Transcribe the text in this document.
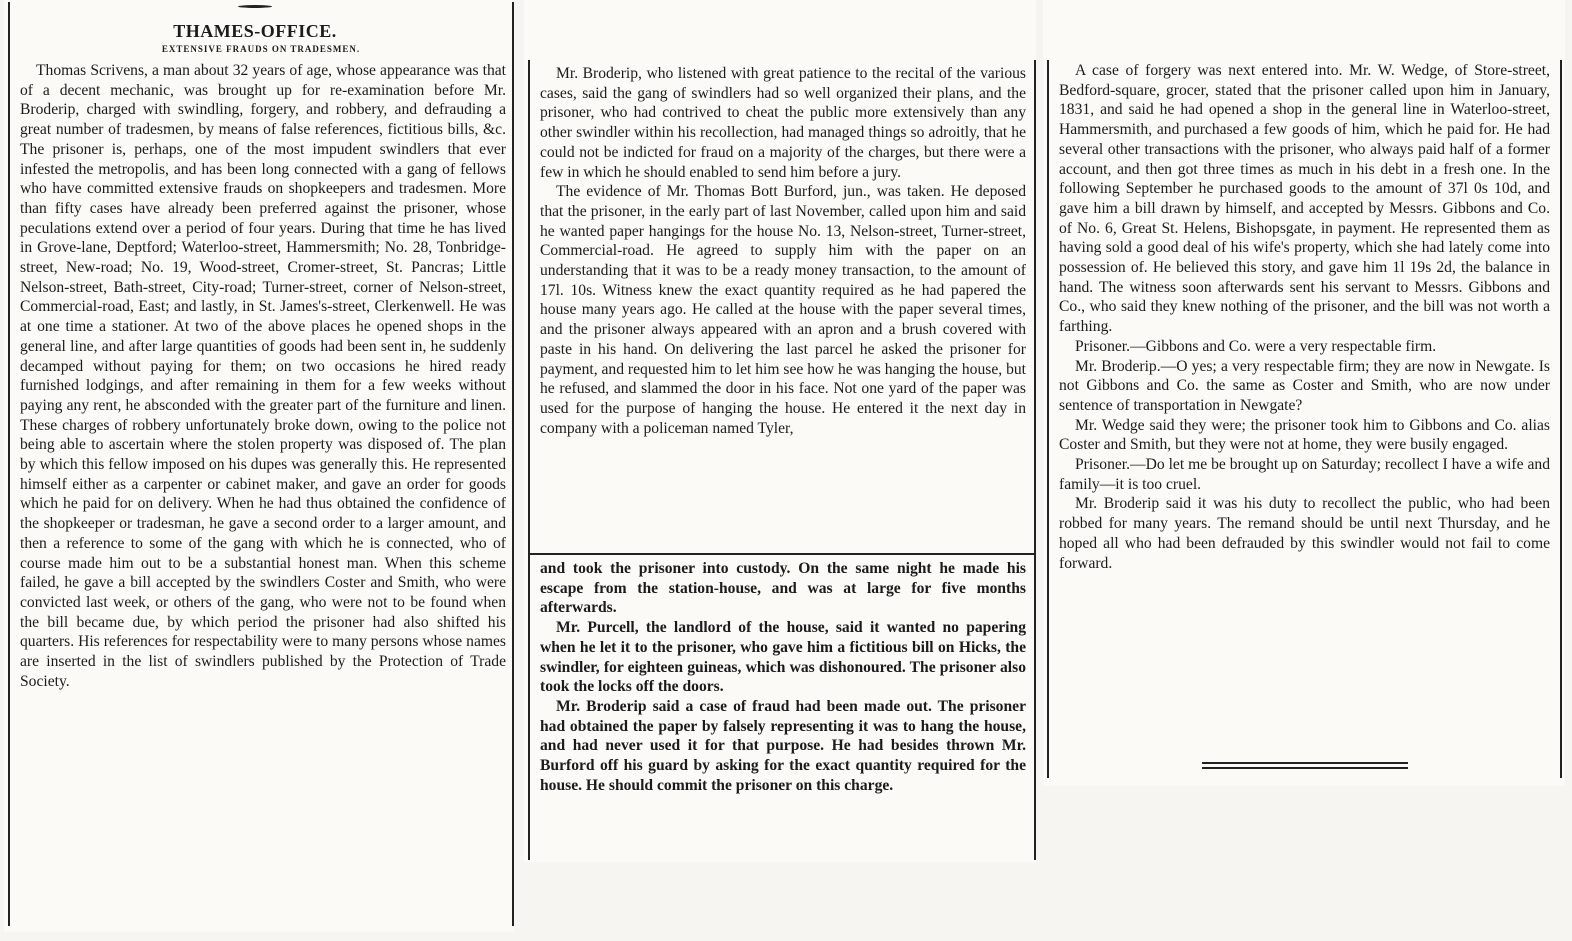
THAMES-OFFICE.
EXTENSIVE FRAUDS ON TRADESMEN.

Thomas Scrivens, a man about 32 years of age, whose appearance was that of a decent mechanic, was brought up for re-examination before Mr. Broderip, charged with swindling, forgery, and robbery, and defrauding a great number of tradesmen, by means of false references, fictitious bills, &c. The prisoner is, perhaps, one of the most impudent swindlers that ever infested the metropolis, and has been long connected with a gang of fellows who have committed extensive frauds on shopkeepers and tradesmen. More than fifty cases have already been preferred against the prisoner, whose peculations extend over a period of four years. During that time he has lived in Grove-lane, Deptford; Waterloo-street, Hammersmith; No. 28, Tonbridge-street, New-road; No. 19, Wood-street, Cromer-street, St. Pancras; Little Nelson-street, Bath-street, City-road; Turner-street, corner of Nelson-street, Commercial-road, East; and lastly, in St. James's-street, Clerkenwell. He was at one time a stationer. At two of the above places he opened shops in the general line, and after large quantities of goods had been sent in, he suddenly decamped without paying for them; on two occasions he hired ready furnished lodgings, and after remaining in them for a few weeks without paying any rent, he absconded with the greater part of the furniture and linen. These charges of robbery unfortunately broke down, owing to the police not being able to ascertain where the stolen property was disposed of. The plan by which this fellow imposed on his dupes was generally this. He represented himself either as a carpenter or cabinet maker, and gave an order for goods which he paid for on delivery. When he had thus obtained the confidence of the shopkeeper or tradesman, he gave a second order to a larger amount, and then a reference to some of the gang with which he is connected, who of course made him out to be a substantial honest man. When this scheme failed, he gave a bill accepted by the swindlers Coster and Smith, who were convicted last week, or others of the gang, who were not to be found when the bill became due, by which period the prisoner had also shifted his quarters. His references for respectability were to many persons whose names are inserted in the list of swindlers published by the Protection of Trade Society.

Mr. Broderip, who listened with great patience to the recital of the various cases, said the gang of swindlers had so well organized their plans, and the prisoner, who had contrived to cheat the public more extensively than any other swindler within his recollection, had managed things so adroitly, that he could not be indicted for fraud on a majority of the charges, but there were a few in which he should enabled to send him before a jury.

The evidence of Mr. Thomas Bott Burford, jun., was taken. He deposed that the prisoner, in the early part of last November, called upon him and said he wanted paper hangings for the house No. 13, Nelson-street, Turner-street, Commercial-road. He agreed to supply him with the paper on an understanding that it was to be a ready money transaction, to the amount of 17l. 10s. Witness knew the exact quantity required as he had papered the house many years ago. He called at the house with the paper several times, and the prisoner always appeared with an apron and a brush covered with paste in his hand. On delivering the last parcel he asked the prisoner for payment, and requested him to let him see how he was hanging the house, but he refused, and slammed the door in his face. Not one yard of the paper was used for the purpose of hanging the house. He entered it the next day in company with a policeman named Tyler,

and took the prisoner into custody. On the same night he made his escape from the station-house, and was at large for five months afterwards.

Mr. Purcell, the landlord of the house, said it wanted no papering when he let it to the prisoner, who gave him a fictitious bill on Hicks, the swindler, for eighteen guineas, which was dishonoured. The prisoner also took the locks off the doors.

Mr. Broderip said a case of fraud had been made out. The prisoner had obtained the paper by falsely representing it was to hang the house, and had never used it for that purpose. He had besides thrown Mr. Burford off his guard by asking for the exact quantity required for the house. He should commit the prisoner on this charge.

A case of forgery was next entered into. Mr. W. Wedge, of Store-street, Bedford-square, grocer, stated that the prisoner called upon him in January, 1831, and said he had opened a shop in the general line in Waterloo-street, Hammersmith, and purchased a few goods of him, which he paid for. He had several other transactions with the prisoner, who always paid half of a former account, and then got three times as much in his debt in a fresh one. In the following September he purchased goods to the amount of 37l 0s 10d, and gave him a bill drawn by himself, and accepted by Messrs. Gibbons and Co. of No. 6, Great St. Helens, Bishopsgate, in payment. He represented them as having sold a good deal of his wife's property, which she had lately come into possession of. He believed this story, and gave him 1l 19s 2d, the balance in hand. The witness soon afterwards sent his servant to Messrs. Gibbons and Co., who said they knew nothing of the prisoner, and the bill was not worth a farthing.

Prisoner.—Gibbons and Co. were a very respectable firm.

Mr. Broderip.—O yes; a very respectable firm; they are now in Newgate. Is not Gibbons and Co. the same as Coster and Smith, who are now under sentence of transportation in Newgate?

Mr. Wedge said they were; the prisoner took him to Gibbons and Co. alias Coster and Smith, but they were not at home, they were busily engaged.

Prisoner.—Do let me be brought up on Saturday; recollect I have a wife and family—it is too cruel.

Mr. Broderip said it was his duty to recollect the public, who had been robbed for many years. The remand should be until next Thursday, and he hoped all who had been defrauded by this swindler would not fail to come forward.
